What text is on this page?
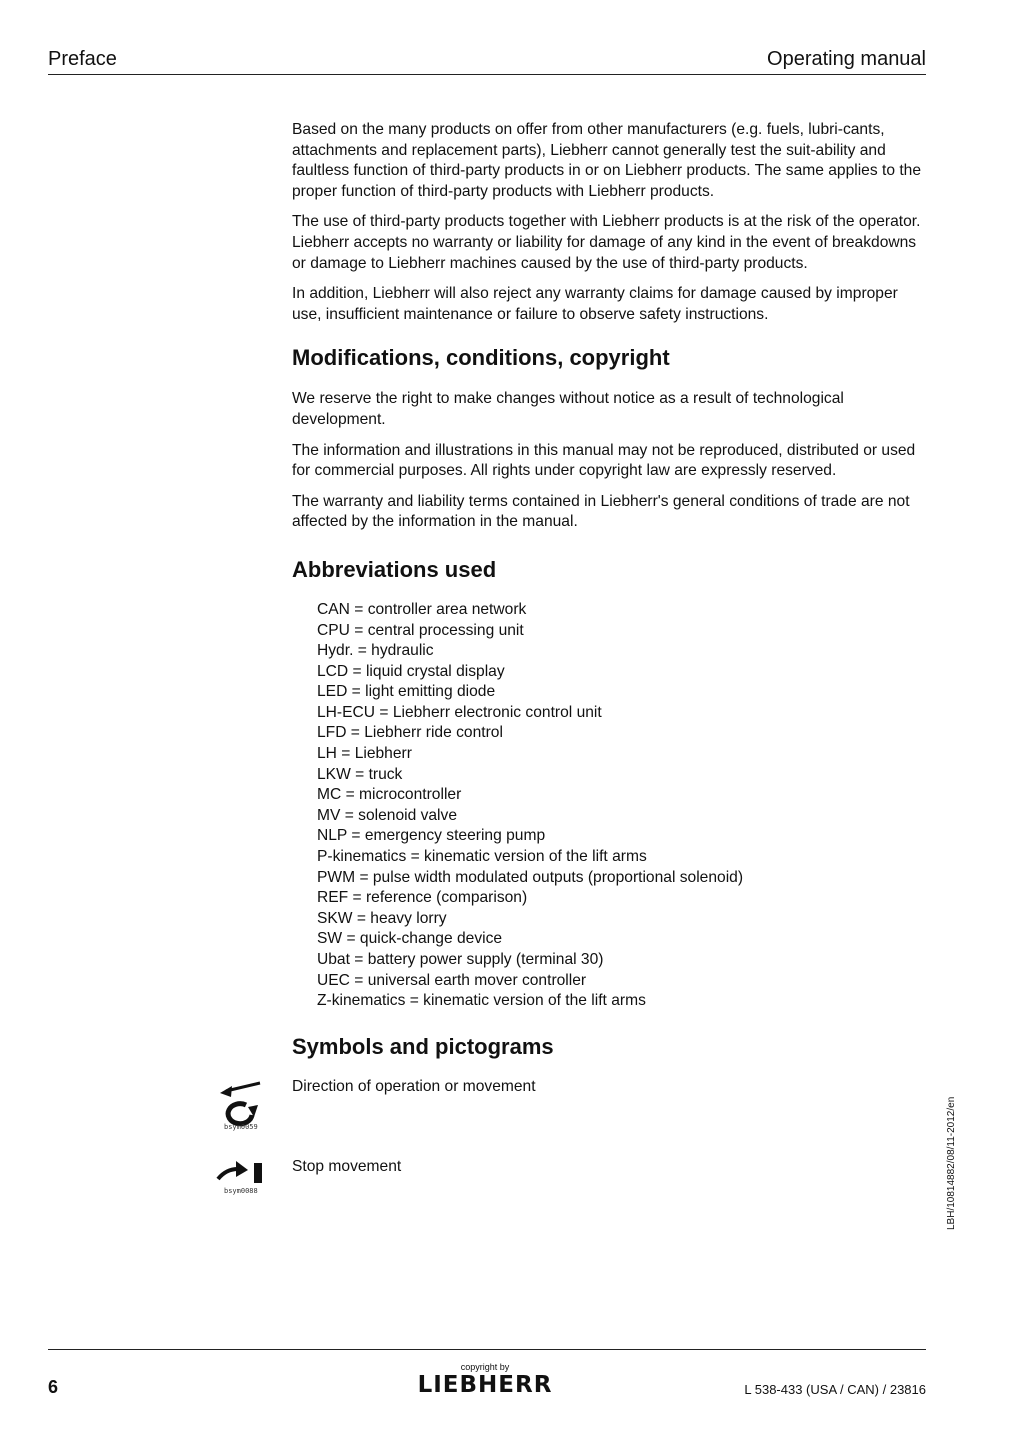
Preface	Operating manual

Based on the many products on offer from other manufacturers (e.g. fuels, lubri-cants, attachments and replacement parts), Liebherr cannot generally test the suit-ability and faultless function of third-party products in or on Liebherr products. The same applies to the proper function of third-party products with Liebherr products.

The use of third-party products together with Liebherr products is at the risk of the operator. Liebherr accepts no warranty or liability for damage of any kind in the event of breakdowns or damage to Liebherr machines caused by the use of third-party products.

In addition, Liebherr will also reject any warranty claims for damage caused by improper use, insufficient maintenance or failure to observe safety instructions.

Modifications, conditions, copyright

We reserve the right to make changes without notice as a result of technological development.

The information and illustrations in this manual may not be reproduced, distributed or used for commercial purposes. All rights under copyright law are expressly reserved.

The warranty and liability terms contained in Liebherr's general conditions of trade are not affected by the information in the manual.

Abbreviations used
CAN = controller area network
CPU = central processing unit
Hydr. = hydraulic
LCD = liquid crystal display
LED = light emitting diode
LH-ECU = Liebherr electronic control unit
LFD = Liebherr ride control
LH = Liebherr
LKW = truck
MC = microcontroller
MV = solenoid valve
NLP = emergency steering pump
P-kinematics = kinematic version of the lift arms
PWM = pulse width modulated outputs (proportional solenoid)
REF = reference (comparison)
SKW = heavy lorry
SW = quick-change device
Ubat = battery power supply (terminal 30)
UEC = universal earth mover controller
Z-kinematics = kinematic version of the lift arms
Symbols and pictograms
bsym0059
Direction of operation or movement
bsym0088
Stop movement	LBH/10814882/08/11-2012/en
6
copyright by
LIEBHERR	L 538-433 (USA / CAN) / 23816
